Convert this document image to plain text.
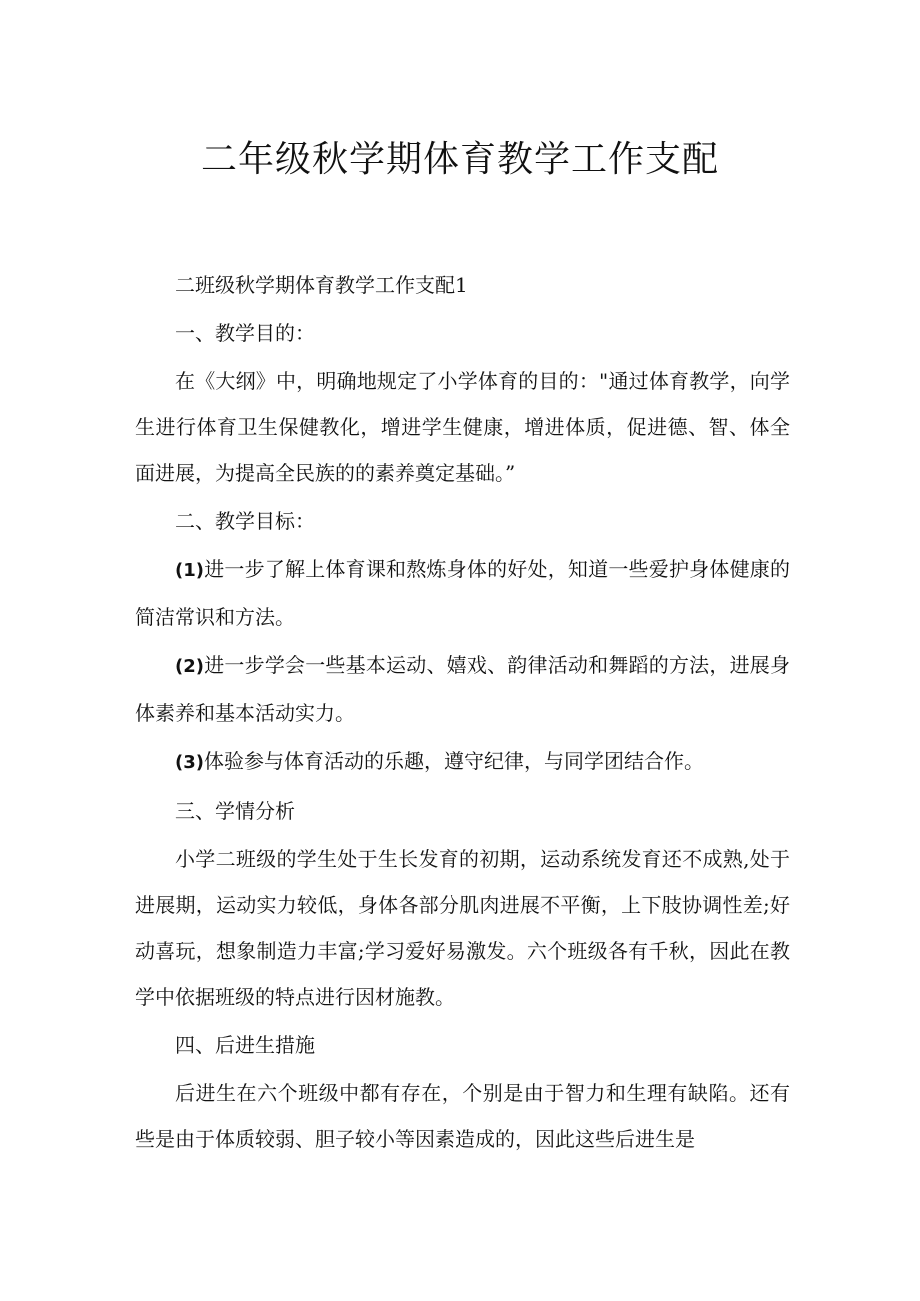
二年级秋学期体育教学工作支配

二班级秋学期体育教学工作支配1

一、教学目的：

在《大纲》中，明确地规定了小学体育的目的："通过体育教学，向学生进行体育卫生保健教化，增进学生健康，增进体质，促进德、智、体全面进展，为提高全民族的的素养奠定基础。”

二、教学目标：

(1)进一步了解上体育课和熬炼身体的好处，知道一些爱护身体健康的简洁常识和方法。

(2)进一步学会一些基本运动、嬉戏、韵律活动和舞蹈的方法，进展身体素养和基本活动实力。

(3)体验参与体育活动的乐趣，遵守纪律，与同学团结合作。

三、学情分析

小学二班级的学生处于生长发育的初期，运动系统发育还不成熟,处于进展期，运动实力较低，身体各部分肌肉进展不平衡，上下肢协调性差;好动喜玩，想象制造力丰富;学习爱好易激发。六个班级各有千秋，因此在教学中依据班级的特点进行因材施教。

四、后进生措施

后进生在六个班级中都有存在，个别是由于智力和生理有缺陷。还有些是由于体质较弱、胆子较小等因素造成的，因此这些后进生是
